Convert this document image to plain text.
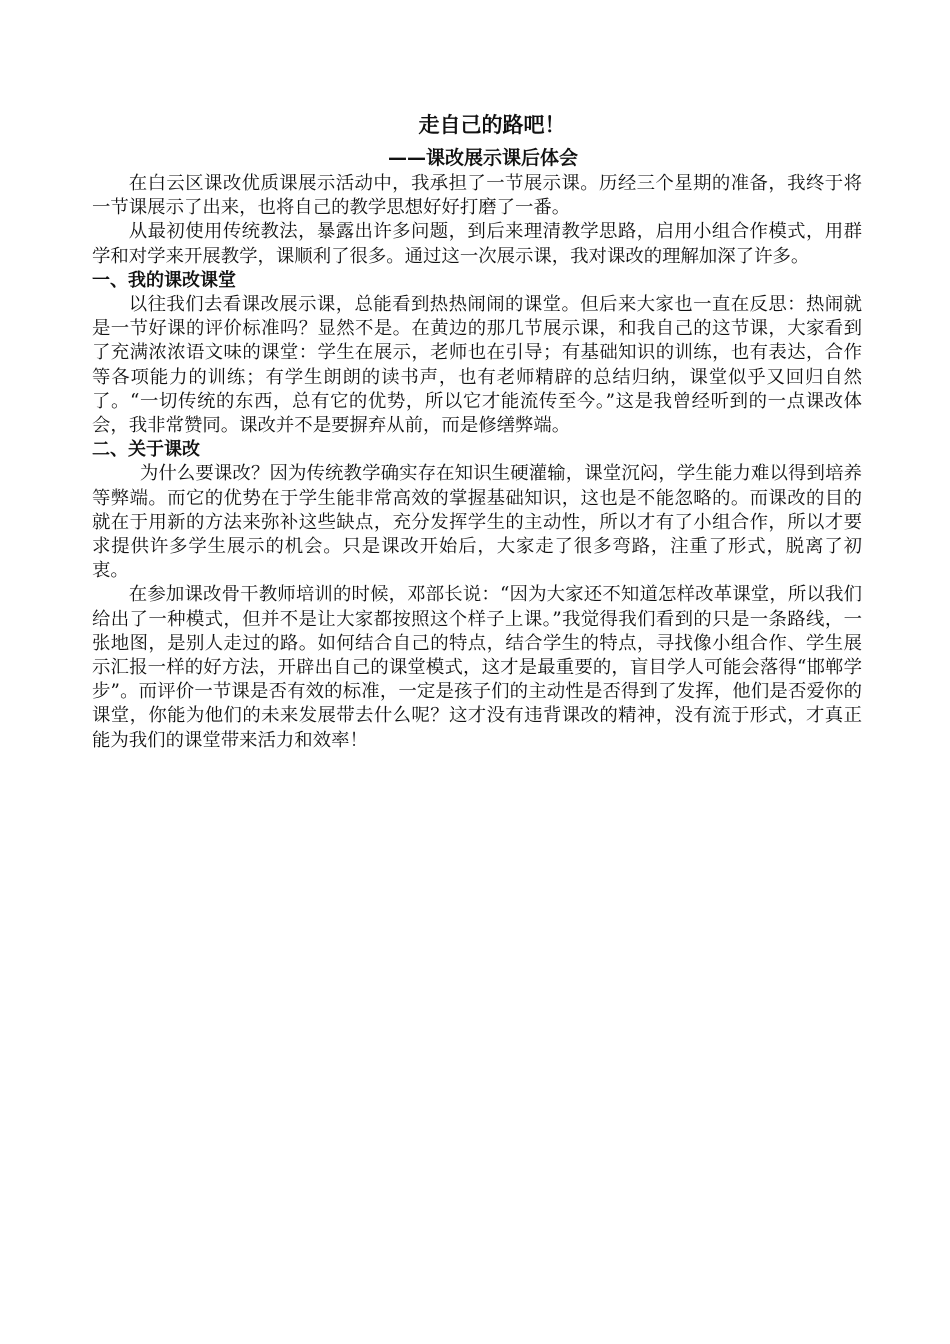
走自己的路吧！
——课改展示课后体会

在白云区课改优质课展示活动中，我承担了一节展示课。历经三个星期的准备，我终于将一节课展示了出来，也将自己的教学思想好好打磨了一番。

从最初使用传统教法，暴露出许多问题，到后来理清教学思路，启用小组合作模式，用群学和对学来开展教学，课顺利了很多。通过这一次展示课，我对课改的理解加深了许多。

一、我的课改课堂

以往我们去看课改展示课，总能看到热热闹闹的课堂。但后来大家也一直在反思：热闹就是一节好课的评价标准吗？显然不是。在黄边的那几节展示课，和我自己的这节课，大家看到了充满浓浓语文味的课堂：学生在展示，老师也在引导；有基础知识的训练，也有表达，合作等各项能力的训练；有学生朗朗的读书声，也有老师精辟的总结归纳，课堂似乎又回归自然了。“一切传统的东西，总有它的优势，所以它才能流传至今。”这是我曾经听到的一点课改体会，我非常赞同。课改并不是要摒弃从前，而是修缮弊端。

二、关于课改

为什么要课改？因为传统教学确实存在知识生硬灌输，课堂沉闷，学生能力难以得到培养等弊端。而它的优势在于学生能非常高效的掌握基础知识，这也是不能忽略的。而课改的目的就在于用新的方法来弥补这些缺点，充分发挥学生的主动性，所以才有了小组合作，所以才要求提供许多学生展示的机会。只是课改开始后，大家走了很多弯路，注重了形式，脱离了初衷。

在参加课改骨干教师培训的时候，邓部长说：“因为大家还不知道怎样改革课堂，所以我们给出了一种模式，但并不是让大家都按照这个样子上课。”我觉得我们看到的只是一条路线，一张地图，是别人走过的路。如何结合自己的特点，结合学生的特点，寻找像小组合作、学生展示汇报一样的好方法，开辟出自己的课堂模式，这才是最重要的，盲目学人可能会落得“邯郸学步”。而评价一节课是否有效的标准，一定是孩子们的主动性是否得到了发挥，他们是否爱你的课堂，你能为他们的未来发展带去什么呢？这才没有违背课改的精神，没有流于形式，才真正能为我们的课堂带来活力和效率！
